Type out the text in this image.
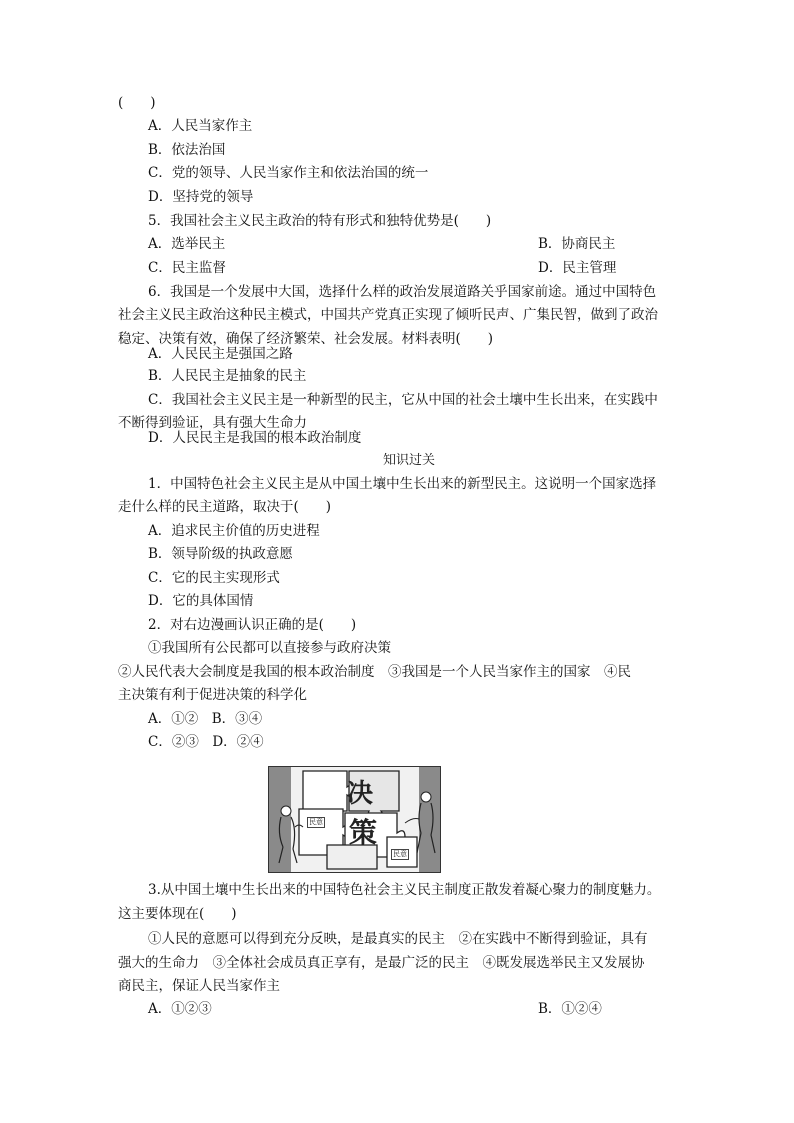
(　　)
A．人民当家作主
B．依法治国
C．党的领导、人民当家作主和依法治国的统一
D．坚持党的领导
5．我国社会主义民主政治的特有形式和独特优势是(　　)
A．选举民主	B．协商民主
C．民主监督	D．民主管理
6．我国是一个发展中大国，选择什么样的政治发展道路关乎国家前途。通过中国特色
社会主义民主政治这种民主模式，中国共产党真正实现了倾听民声、广集民智，做到了政治
稳定、决策有效，确保了经济繁荣、社会发展。材料表明(　　)
A．人民民主是强国之路
B．人民民主是抽象的民主
C．我国社会主义民主是一种新型的民主，它从中国的社会土壤中生长出来，在实践中
不断得到验证，具有强大生命力
D．人民民主是我国的根本政治制度
知识过关
1．中国特色社会主义民主是从中国土壤中生长出来的新型民主。这说明一个国家选择
走什么样的民主道路，取决于(　　)
A．追求民主价值的历史进程
B．领导阶级的执政意愿
C．它的民主实现形式
D．它的具体国情
2．对右边漫画认识正确的是(　　)
①我国所有公民都可以直接参与政府决策
②人民代表大会制度是我国的根本政治制度　③我国是一个人民当家作主的国家　④民
主决策有利于促进决策的科学化
A．①②　B．③④
C．②③　D．②④
决
策
民意
民意
3.从中国土壤中生长出来的中国特色社会主义民主制度正散发着凝心聚力的制度魅力。
这主要体现在(　　)
①人民的意愿可以得到充分反映，是最真实的民主　②在实践中不断得到验证，具有
强大的生命力　③全体社会成员真正享有，是最广泛的民主　④既发展选举民主又发展协
商民主，保证人民当家作主
A．①②③	B．①②④
